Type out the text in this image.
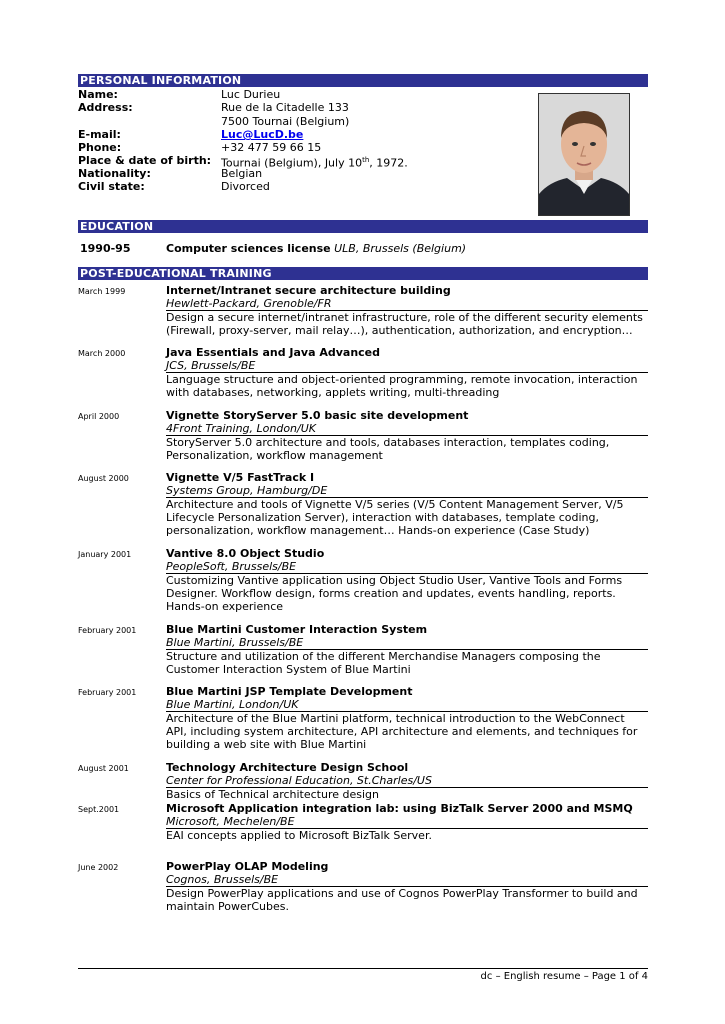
PERSONAL INFORMATION
Name:	Luc Durieu
Address:	Rue de la Citadelle 133
7500 Tournai (Belgium)
E-mail:	Luc@LucD.be
Phone:	+32 477 59 66 15
Place & date of birth: Tournai (Belgium), July 10th, 1972.
Nationality:	Belgian
Civil state:	Divorced
EDUCATION
1990-95	Computer sciences license ULB, Brussels (Belgium)
POST-EDUCATIONAL TRAINING
March 1999	Internet/Intranet secure architecture building
Hewlett-Packard, Grenoble/FR
Design a secure internet/intranet infrastructure, role of the different security elements
(Firewall, proxy-server, mail relay…), authentication, authorization, and encryption…
March 2000	Java Essentials and Java Advanced
JCS, Brussels/BE
Language structure and object-oriented programming, remote invocation, interaction
with databases, networking, applets writing, multi-threading
April 2000	Vignette StoryServer 5.0 basic site development
4Front Training, London/UK
StoryServer 5.0 architecture and tools, databases interaction, templates coding,
Personalization, workflow management
August 2000	Vignette V/5 FastTrack I
Systems Group, Hamburg/DE
Architecture and tools of Vignette V/5 series (V/5 Content Management Server, V/5
Lifecycle Personalization Server), interaction with databases, template coding,
personalization, workflow management… Hands-on experience (Case Study)
January 2001	Vantive 8.0 Object Studio
PeopleSoft, Brussels/BE
Customizing Vantive application using Object Studio User, Vantive Tools and Forms
Designer. Workflow design, forms creation and updates, events handling, reports.
Hands-on experience
February 2001	Blue Martini Customer Interaction System
Blue Martini, Brussels/BE
Structure and utilization of the different Merchandise Managers composing the
Customer Interaction System of Blue Martini
February 2001	Blue Martini JSP Template Development
Blue Martini, London/UK
Architecture of the Blue Martini platform, technical introduction to the WebConnect
API, including system architecture, API architecture and elements, and techniques for
building a web site with Blue Martini
August 2001	Technology Architecture Design School
Center for Professional Education, St.Charles/US
Basics of Technical architecture design
Sept.2001	Microsoft Application integration lab: using BizTalk Server 2000 and MSMQ
Microsoft, Mechelen/BE
EAI concepts applied to Microsoft BizTalk Server.
June 2002	PowerPlay OLAP Modeling
Cognos, Brussels/BE
Design PowerPlay applications and use of Cognos PowerPlay Transformer to build and
maintain PowerCubes.
dc – English resume – Page 1 of 4
